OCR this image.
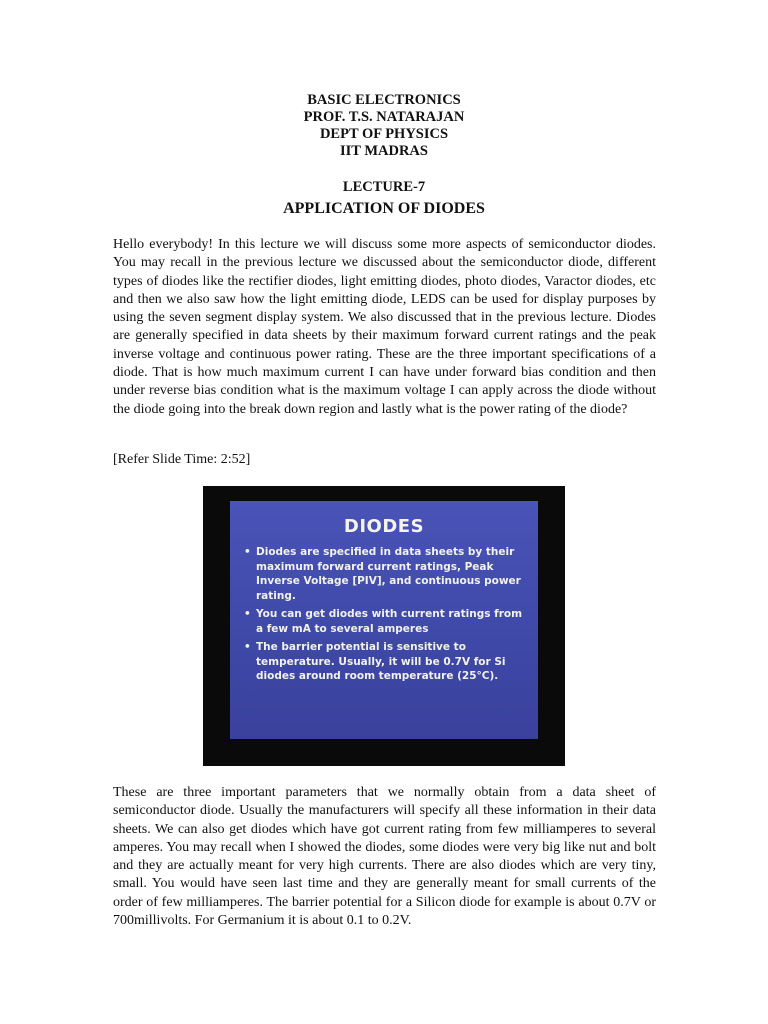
BASIC ELECTRONICS
PROF. T.S. NATARAJAN
DEPT OF PHYSICS
IIT MADRAS
LECTURE-7
APPLICATION OF DIODES

Hello everybody! In this lecture we will discuss some more aspects of semiconductor diodes. You may recall in the previous lecture we discussed about the semiconductor diode, different types of diodes like the rectifier diodes, light emitting diodes, photo diodes, Varactor diodes, etc and then we also saw how the light emitting diode, LEDS can be used for display purposes by using the seven segment display system. We also discussed that in the previous lecture. Diodes are generally specified in data sheets by their maximum forward current ratings and the peak inverse voltage and continuous power rating. These are the three important specifications of a diode. That is how much maximum current I can have under forward bias condition and then under reverse bias condition what is the maximum voltage I can apply across the diode without the diode going into the break down region and lastly what is the power rating of the diode?

[Refer Slide Time: 2:52]
DIODES
• Diodes are specified in data sheets by their maximum forward current ratings, Peak Inverse Voltage [PIV], and continuous power rating.
• You can get diodes with current ratings from a few mA to several amperes
• The barrier potential is sensitive to temperature. Usually, it will be 0.7V for Si diodes around room temperature (25°C).

These are three important parameters that we normally obtain from a data sheet of semiconductor diode. Usually the manufacturers will specify all these information in their data sheets. We can also get diodes which have got current rating from few milliamperes to several amperes. You may recall when I showed the diodes, some diodes were very big like nut and bolt and they are actually meant for very high currents. There are also diodes which are very tiny, small. You would have seen last time and they are generally meant for small currents of the order of few milliamperes. The barrier potential for a Silicon diode for example is about 0.7V or 700millivolts. For Germanium it is about 0.1 to 0.2V.
